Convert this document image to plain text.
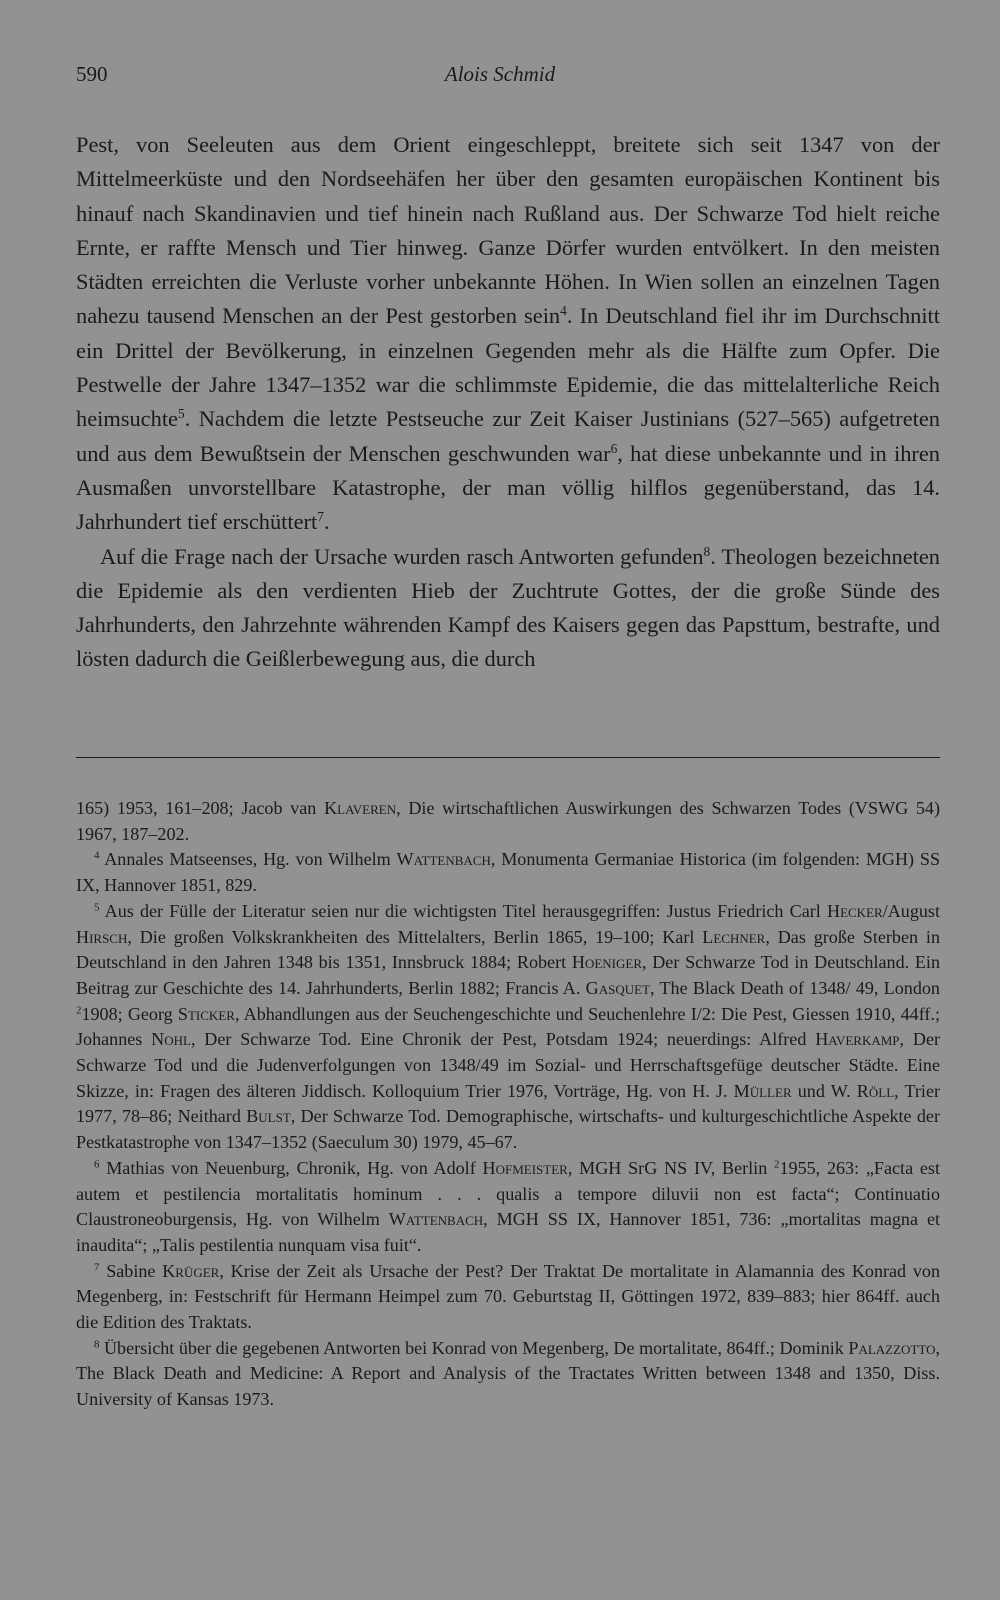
590	Alois Schmid

Pest, von Seeleuten aus dem Orient eingeschleppt, breitete sich seit 1347 von der Mittelmeerküste und den Nordseehäfen her über den gesamten europäischen Kontinent bis hinauf nach Skandinavien und tief hinein nach Rußland aus. Der Schwarze Tod hielt reiche Ernte, er raffte Mensch und Tier hinweg. Ganze Dörfer wurden entvölkert. In den meisten Städten erreichten die Verluste vorher unbekannte Höhen. In Wien sollen an einzelnen Tagen nahezu tausend Menschen an der Pest gestorben sein$^4$. In Deutschland fiel ihr im Durchschnitt ein Drittel der Bevölkerung, in einzelnen Gegenden mehr als die Hälfte zum Opfer. Die Pestwelle der Jahre 1347–1352 war die schlimmste Epidemie, die das mittelalterliche Reich heimsuchte$^5$. Nachdem die letzte Pestseuche zur Zeit Kaiser Justinians (527–565) aufgetreten und aus dem Bewußtsein der Menschen geschwunden war$^6$, hat diese unbekannte und in ihren Ausmaßen unvorstellbare Katastrophe, der man völlig hilflos gegenüberstand, das 14. Jahrhundert tief erschüttert$^7$.

Auf die Frage nach der Ursache wurden rasch Antworten gefunden$^8$. Theologen bezeichneten die Epidemie als den verdienten Hieb der Zuchtrute Gottes, der die große Sünde des Jahrhunderts, den Jahrzehnte währenden Kampf des Kaisers gegen das Papsttum, bestrafte, und lösten dadurch die Geißlerbewegung aus, die durch

165) 1953, 161–208; Jacob van Klaveren, Die wirtschaftlichen Auswirkungen des Schwarzen Todes (VSWG 54) 1967, 187–202.

$^4$ Annales Matseenses, Hg. von Wilhelm Wattenbach, Monumenta Germaniae Historica (im folgenden: MGH) SS IX, Hannover 1851, 829.

$^5$ Aus der Fülle der Literatur seien nur die wichtigsten Titel herausgegriffen: Justus Friedrich Carl Hecker/August Hirsch, Die großen Volkskrankheiten des Mittelalters, Berlin 1865, 19–100; Karl Lechner, Das große Sterben in Deutschland in den Jahren 1348 bis 1351, Innsbruck 1884; Robert Hoeniger, Der Schwarze Tod in Deutschland. Ein Beitrag zur Geschichte des 14. Jahrhunderts, Berlin 1882; Francis A. Gasquet, The Black Death of 1348/ 49, London $^2$1908; Georg Sticker, Abhandlungen aus der Seuchengeschichte und Seuchenlehre I/2: Die Pest, Giessen 1910, 44ff.; Johannes Nohl, Der Schwarze Tod. Eine Chronik der Pest, Potsdam 1924; neuerdings: Alfred Haverkamp, Der Schwarze Tod und die Judenverfolgungen von 1348/49 im Sozial- und Herrschaftsgefüge deutscher Städte. Eine Skizze, in: Fragen des älteren Jiddisch. Kolloquium Trier 1976, Vorträge, Hg. von H. J. Müller und W. Röll, Trier 1977, 78–86; Neithard Bulst, Der Schwarze Tod. Demographische, wirtschafts- und kulturgeschichtliche Aspekte der Pestkatastrophe von 1347–1352 (Saeculum 30) 1979, 45–67.

$^6$ Mathias von Neuenburg, Chronik, Hg. von Adolf Hofmeister, MGH SrG NS IV, Berlin $^2$1955, 263: „Facta est autem et pestilencia mortalitatis hominum . . . qualis a tempore diluvii non est facta“; Continuatio Claustroneoburgensis, Hg. von Wilhelm Wattenbach, MGH SS IX, Hannover 1851, 736: „mortalitas magna et inaudita“; „Talis pestilentia nunquam visa fuit“.

$^7$ Sabine Krüger, Krise der Zeit als Ursache der Pest? Der Traktat De mortalitate in Alamannia des Konrad von Megenberg, in: Festschrift für Hermann Heimpel zum 70. Geburtstag II, Göttingen 1972, 839–883; hier 864ff. auch die Edition des Traktats.

$^8$ Übersicht über die gegebenen Antworten bei Konrad von Megenberg, De mortalitate, 864ff.; Dominik Palazzotto, The Black Death and Medicine: A Report and Analysis of the Tractates Written between 1348 and 1350, Diss. University of Kansas 1973.
